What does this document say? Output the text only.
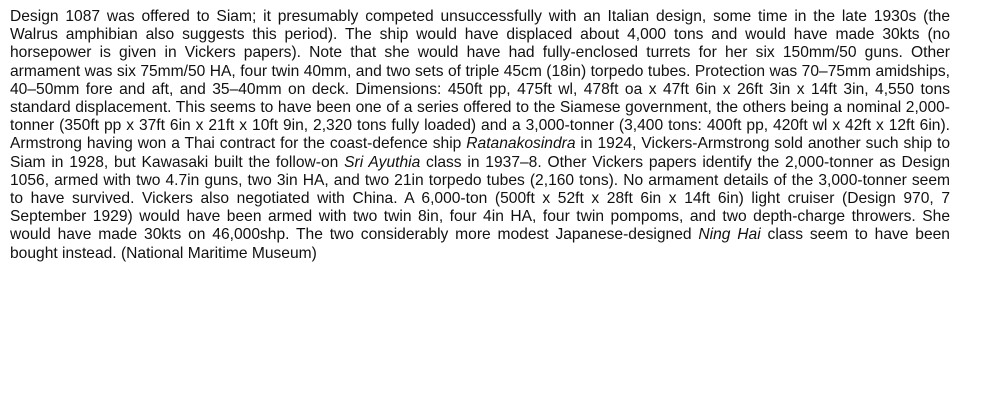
Design 1087 was offered to Siam; it presumably competed unsuccessfully with an Italian design, some time in the late 1930s (the Walrus amphibian also suggests this period). The ship would have displaced about 4,000 tons and would have made 30kts (no horsepower is given in Vickers papers). Note that she would have had fully-enclosed turrets for her six 150mm/50 guns. Other armament was six 75mm/50 HA, four twin 40mm, and two sets of triple 45cm (18in) torpedo tubes. Protection was 70–75mm amidships, 40–50mm fore and aft, and 35–40mm on deck. Dimensions: 450ft pp, 475ft wl, 478ft oa x 47ft 6in x 26ft 3in x 14ft 3in, 4,550 tons standard displacement. This seems to have been one of a series offered to the Siamese government, the others being a nominal 2,000-tonner (350ft pp x 37ft 6in x 21ft x 10ft 9in, 2,320 tons fully loaded) and a 3,000-tonner (3,400 tons: 400ft pp, 420ft wl x 42ft x 12ft 6in). Armstrong having won a Thai contract for the coast-defence ship Ratanakosindra in 1924, Vickers-Armstrong sold another such ship to Siam in 1928, but Kawasaki built the follow-on Sri Ayuthia class in 1937–8. Other Vickers papers identify the 2,000-tonner as Design 1056, armed with two 4.7in guns, two 3in HA, and two 21in torpedo tubes (2,160 tons). No armament details of the 3,000-tonner seem to have survived. Vickers also negotiated with China. A 6,000-ton (500ft x 52ft x 28ft 6in x 14ft 6in) light cruiser (Design 970, 7 September 1929) would have been armed with two twin 8in, four 4in HA, four twin pompoms, and two depth-charge throwers. She would have made 30kts on 46,000shp. The two considerably more modest Japanese-designed Ning Hai class seem to have been bought instead. (National Maritime Museum)
